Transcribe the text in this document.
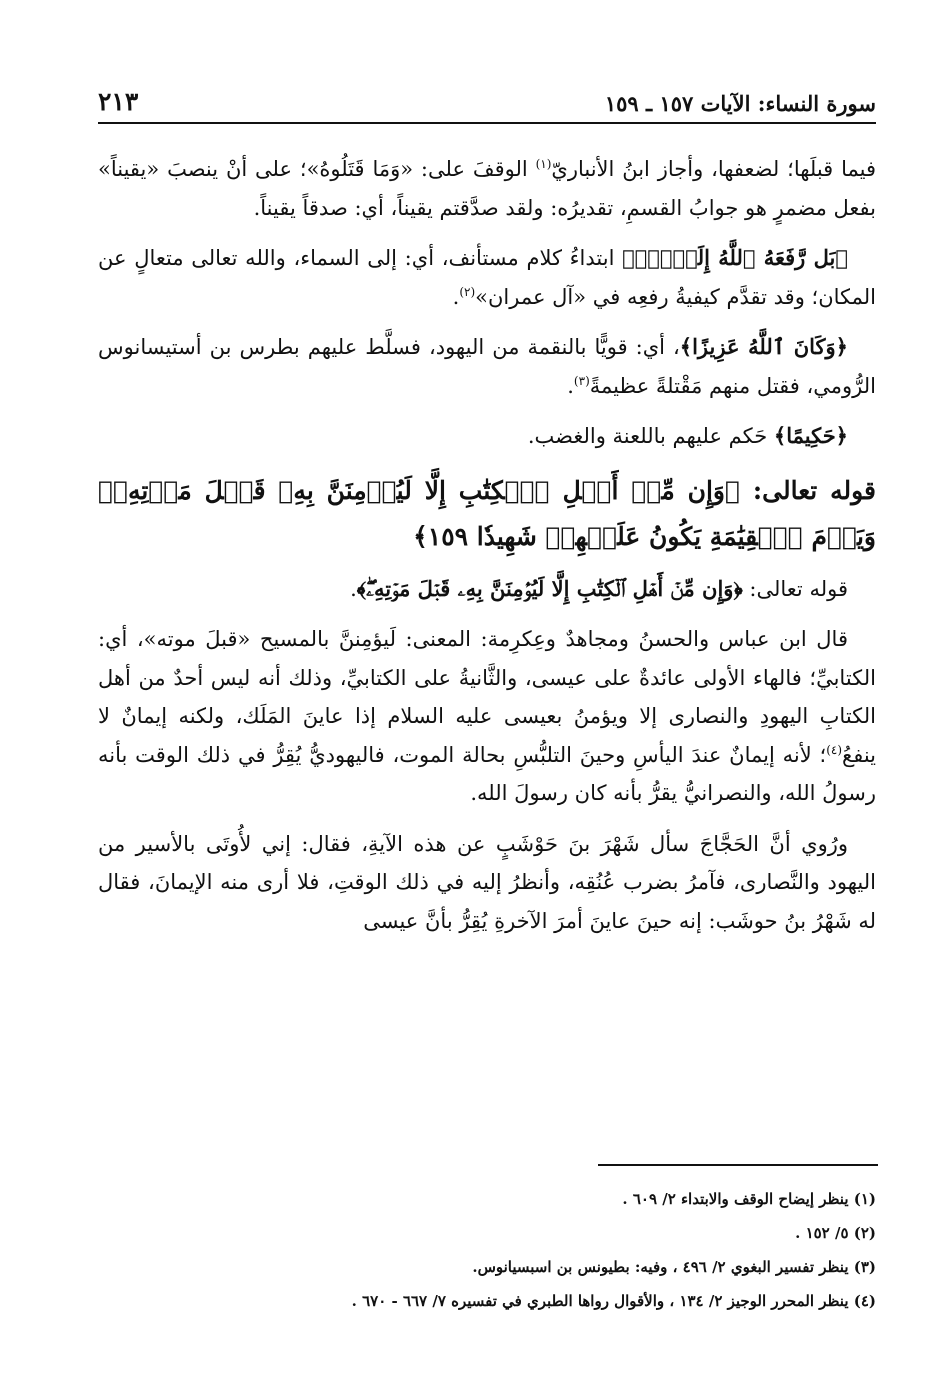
سورة النساء: الآيات ١٥٧ ـ ١٥٩
٢١٣

فيما قبلَها؛ لضعفها، وأجاز ابنُ الأنباريّ$^{(١)}$ الوقفَ على: «وَمَا قَتَلُوهُ»؛ على أنْ ينصبَ «يقيناً» بفعل مضمرٍ هو جوابُ القسمِ، تقديرُه: ولقد صدَّقتم يقيناً، أي: صدقاً يقيناً.

﴿بَل رَّفَعَهُ ٱللَّهُ إِلَيۡهِۚ﴾ ابتداءُ كلام مستأنف، أي: إلى السماء، والله تعالى متعالٍ عن المكان؛ وقد تقدَّم كيفيةُ رفعِه في «آل عمران»$^{(٢)}$.

﴿وَكَانَ ٱللَّهُ عَزِيزًا﴾، أي: قويًّا بالنقمة من اليهود، فسلَّط عليهم بطرس بن أستيسانوس الرُّومي، فقتل منهم مَقْتلةً عظيمةً$^{(٣)}$.

﴿حَكِيمًا﴾ حَكم عليهم باللعنة والغضب.

قوله تعالى: ﴿وَإِن مِّنۡ أَهۡلِ ٱلۡكِتَٰبِ إِلَّا لَيُؤۡمِنَنَّ بِهِۦ قَبۡلَ مَوۡتِهِۦۖ وَيَوۡمَ ٱلۡقِيَٰمَةِ يَكُونُ عَلَيۡهِمۡ شَهِيدٗا ١٥٩﴾

قوله تعالى: ﴿وَإِن مِّنۡ أَهۡلِ ٱلۡكِتَٰبِ إِلَّا لَيُؤۡمِنَنَّ بِهِۦ قَبۡلَ مَوۡتِهِۦۖ﴾.

قال ابن عباس والحسنُ ومجاهدٌ وعِكرِمة: المعنى: لَيؤمِننَّ بالمسيح «قبلَ موته»، أي: الكتابيِّ؛ فالهاء الأولى عائدةٌ على عيسى، والثَّانيةُ على الكتابيِّ، وذلك أنه ليس أحدٌ من أهل الكتابِ اليهودِ والنصارى إلا ويؤمنُ بعيسى عليه السلام إذا عاينَ المَلَك، ولكنه إيمانٌ لا ينفعُ$^{(٤)}$؛ لأنه إيمانٌ عندَ اليأسِ وحينَ التلبُّسِ بحالة الموت، فاليهوديُّ يُقِرُّ في ذلك الوقت بأنه رسولُ الله، والنصرانيُّ يقرُّ بأنه كان رسولَ الله.

ورُوي أنَّ الحَجَّاجَ سأل شَهْرَ بنَ حَوْشَبٍ عن هذه الآيةِ، فقال: إني لأُوتَى بالأسير من اليهود والنَّصارى، فآمرُ بضرب عُنُقِه، وأنظرُ إليه في ذلك الوقتِ، فلا أرى منه الإيمانَ، فقال له شَهْرُ بنُ حوشَب: إنه حينَ عاينَ أمرَ الآخرةِ يُقِرُّ بأنَّ عيسى

(١) ينظر إيضاح الوقف والابتداء ٢/ ٦٠٩ .

(٢) ٥/ ١٥٢ .

(٣) ينظر تفسير البغوي ٢/ ٤٩٦ ، وفيه: بطيونس بن اسبسيانوس.

(٤) ينظر المحرر الوجيز ٢/ ١٣٤ ، والأقوال رواها الطبري في تفسيره ٧/ ٦٦٧ - ٦٧٠ .
